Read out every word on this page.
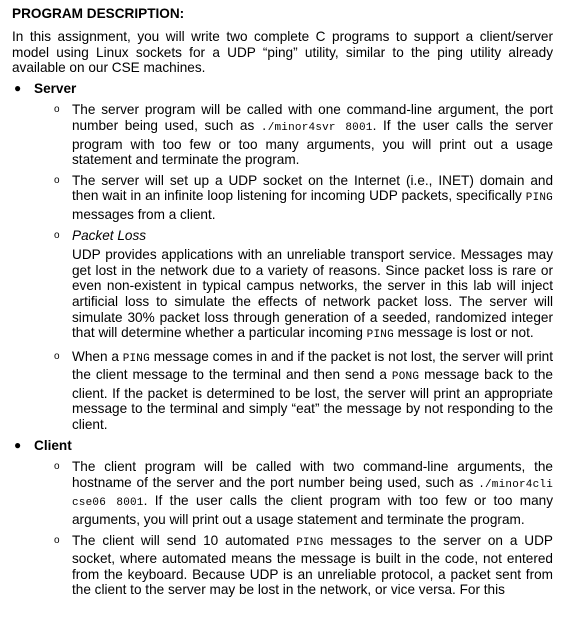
PROGRAM DESCRIPTION:

In this assignment, you will write two complete C programs to support a client/server model using Linux sockets for a UDP “ping” utility, similar to the ping utility already available on our CSE machines.

● Server
o The server program will be called with one command-line argument, the port number being used, such as ./minor4svr 8001. If the user calls the server program with too few or too many arguments, you will print out a usage statement and terminate the program.

o The server will set up a UDP socket on the Internet (i.e., INET) domain and then wait in an infinite loop listening for incoming UDP packets, specifically PING messages from a client.

o Packet Loss

UDP provides applications with an unreliable transport service. Messages may get lost in the network due to a variety of reasons. Since packet loss is rare or even non-existent in typical campus networks, the server in this lab will inject artificial loss to simulate the effects of network packet loss. The server will simulate 30% packet loss through generation of a seeded, randomized integer that will determine whether a particular incoming PING message is lost or not.

o When a PING message comes in and if the packet is not lost, the server will print the client message to the terminal and then send a PONG message back to the client. If the packet is determined to be lost, the server will print an appropriate message to the terminal and simply “eat” the message by not responding to the client.

● Client
o The client program will be called with two command-line arguments, the hostname of the server and the port number being used, such as ./minor4cli cse06 8001. If the user calls the client program with too few or too many arguments, you will print out a usage statement and terminate the program.

o The client will send 10 automated PING messages to the server on a UDP socket, where automated means the message is built in the code, not entered from the keyboard. Because UDP is an unreliable protocol, a packet sent from the client to the server may be lost in the network, or vice versa. For this
